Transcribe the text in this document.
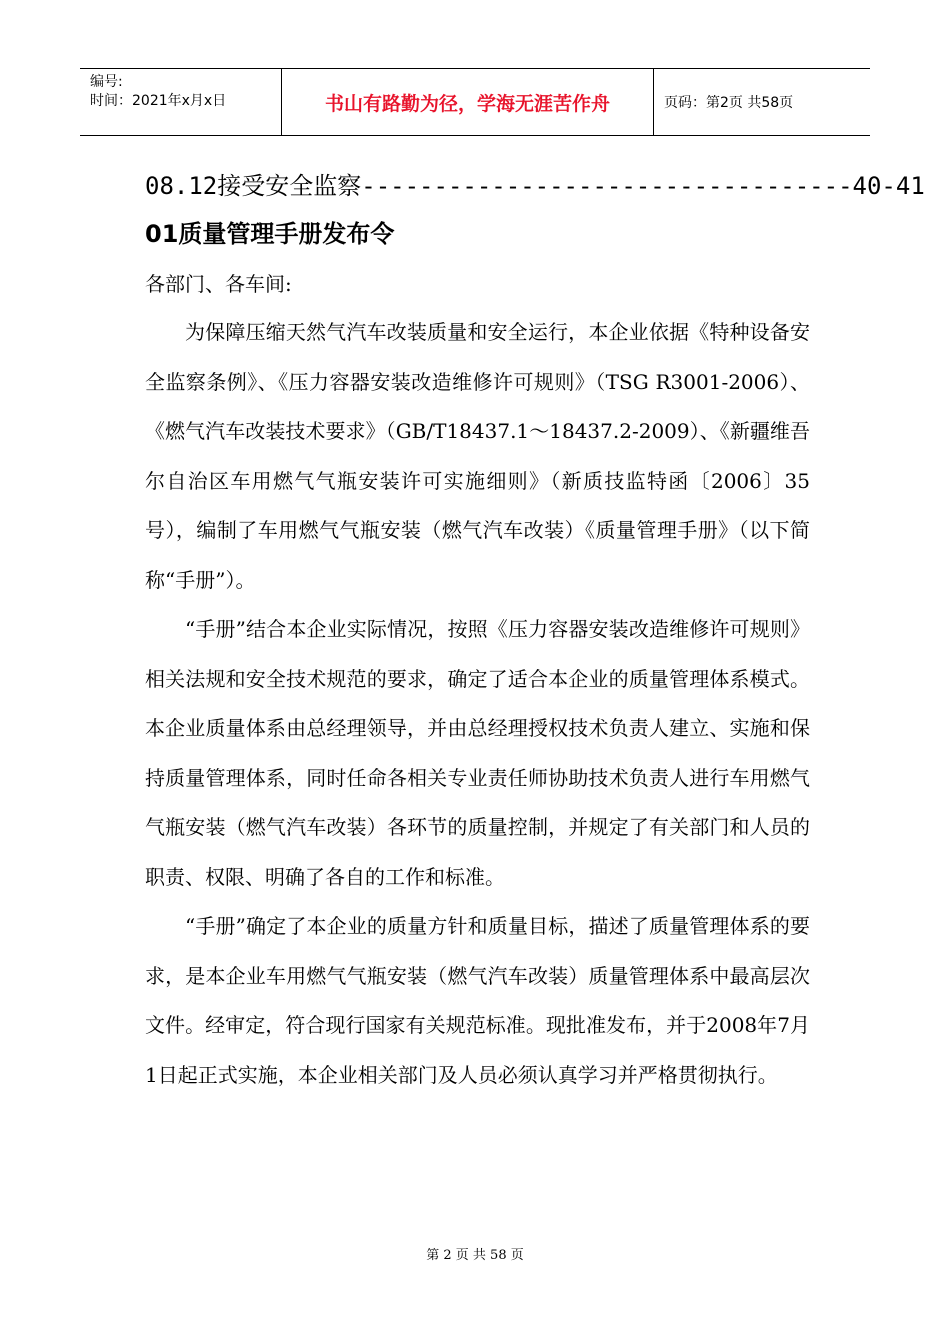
编号:
时间：2021年x月x日	书山有路勤为径，学海无涯苦作舟	页码：第2页 共58页
08.12接受安全监察----------------------------------40-41
01质量管理手册发布令
各部门、各车间:

为保障压缩天然气汽车改装质量和安全运行，本企业依据《特种设备安全监察条例》、《压力容器安装改造维修许可规则》（TSG R3001-2006）、《燃气汽车改装技术要求》（GB/T18437.1～18437.2-2009）、《新疆维吾尔自治区车用燃气气瓶安装许可实施细则》（新质技监特函〔2006〕35号），编制了车用燃气气瓶安装（燃气汽车改装）《质量管理手册》（以下简称“手册”）。

“手册”结合本企业实际情况，按照《压力容器安装改造维修许可规则》相关法规和安全技术规范的要求，确定了适合本企业的质量管理体系模式。本企业质量体系由总经理领导，并由总经理授权技术负责人建立、实施和保持质量管理体系，同时任命各相关专业责任师协助技术负责人进行车用燃气气瓶安装（燃气汽车改装）各环节的质量控制，并规定了有关部门和人员的职责、权限、明确了各自的工作和标准。

“手册”确定了本企业的质量方针和质量目标，描述了质量管理体系的要求，是本企业车用燃气气瓶安装（燃气汽车改装）质量管理体系中最高层次文件。经审定，符合现行国家有关规范标准。现批准发布，并于2008年7月1日起正式实施，本企业相关部门及人员必须认真学习并严格贯彻执行。

第 2 页 共 58 页
